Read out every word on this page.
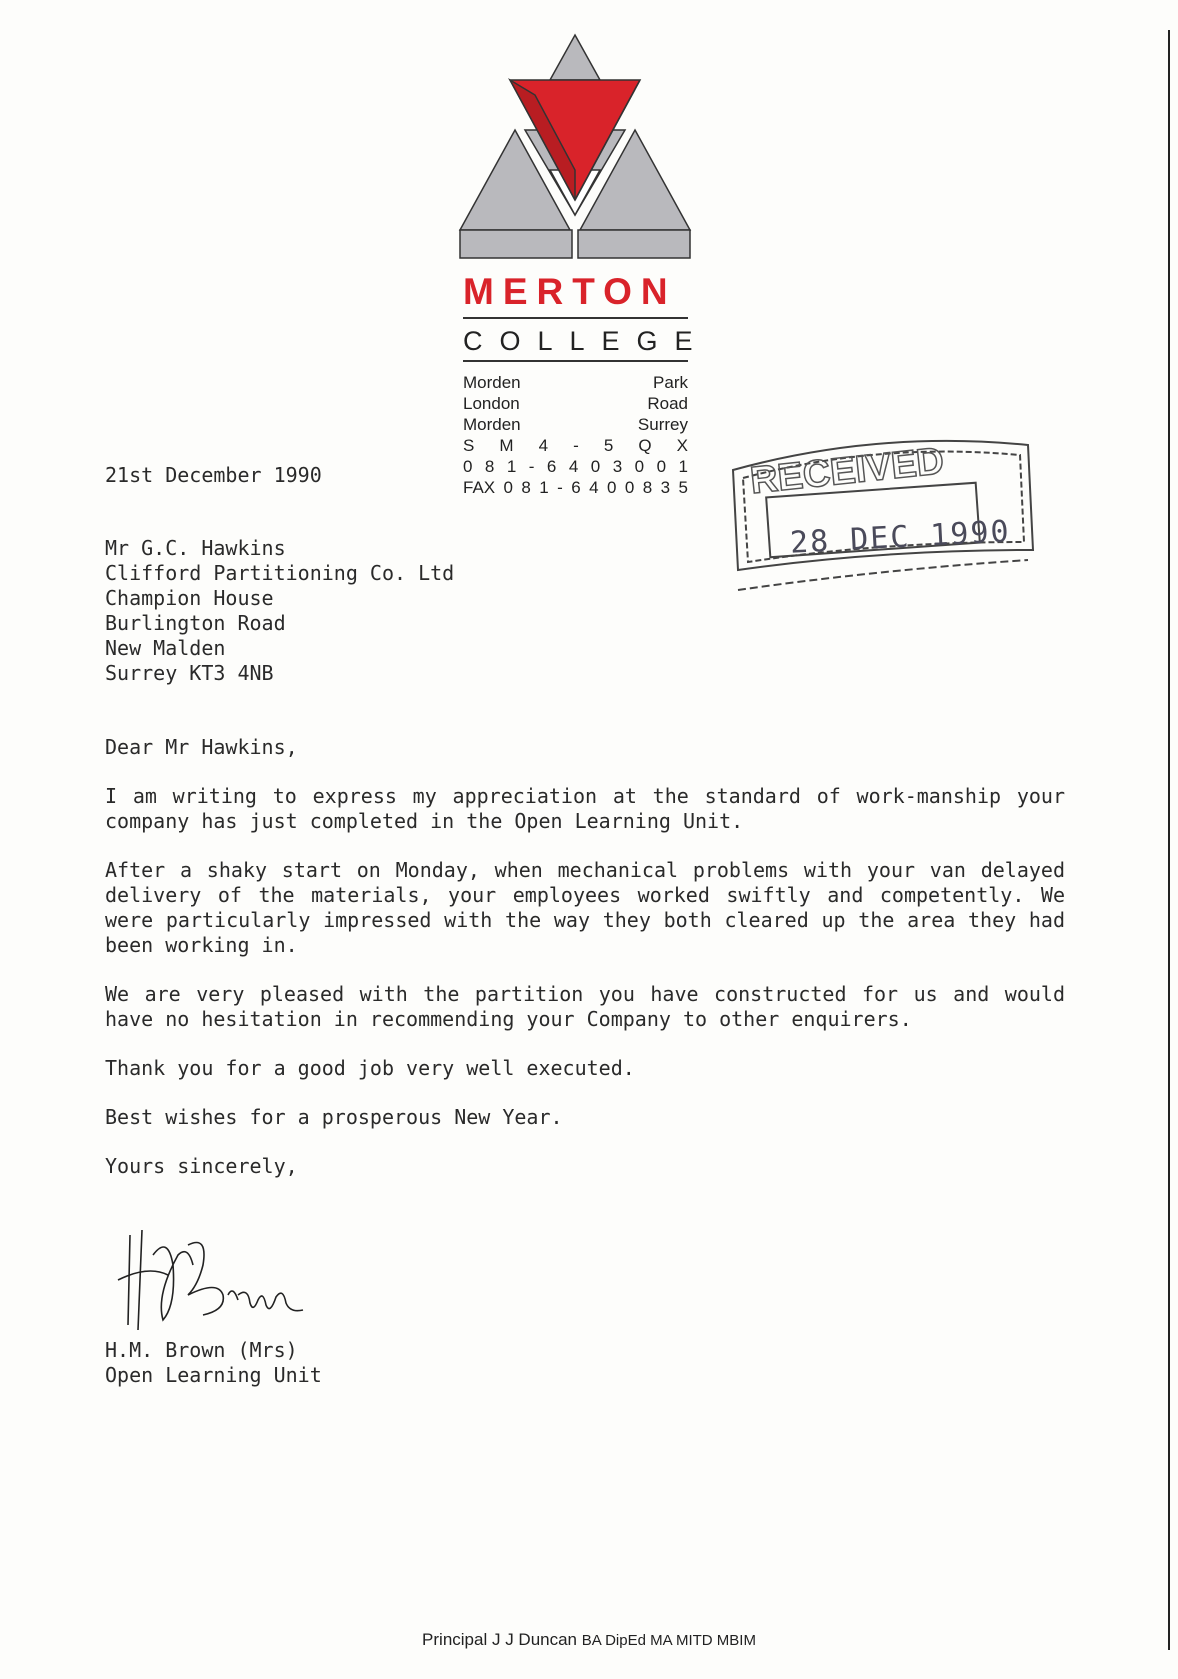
MERTON
COLLEGE
Morden Park
London Road
Morden Surrey
S M 4 - 5 Q X
0 8 1 - 6 4 0 3 0 0 1
FAX 0 8 1 - 6 4 0 0 8 3 5 RECEIVED
28 DEC 1990
21st December 1990
Mr G.C. Hawkins
Clifford Partitioning Co. Ltd
Champion House
Burlington Road
New Malden
Surrey KT3 4NB

Dear Mr Hawkins,

I am writing to express my appreciation at the standard of work-manship your company has just completed in the Open Learning Unit.

After a shaky start on Monday, when mechanical problems with your van delayed delivery of the materials, your employees worked swiftly and competently. We were particularly impressed with the way they both cleared up the area they had been working in.

We are very pleased with the partition you have constructed for us and would have no hesitation in recommending your Company to other enquirers.

Thank you for a good job very well executed.

Best wishes for a prosperous New Year.

Yours sincerely,

H.M. Brown (Mrs)
Open Learning Unit
Principal J J Duncan BA DipEd MA MITD MBIM
